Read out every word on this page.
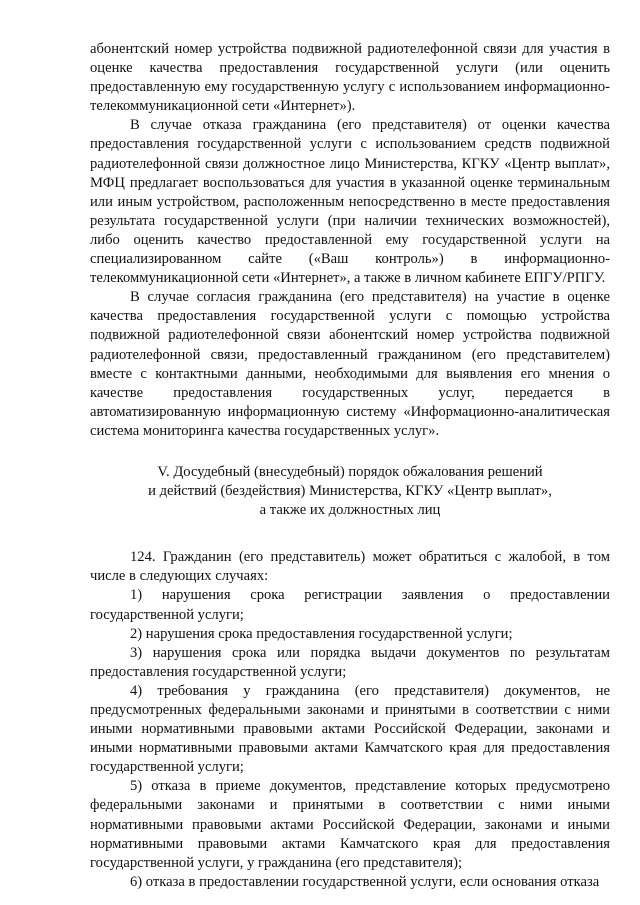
абонентский номер устройства подвижной радиотелефонной связи для участия в оценке качества предоставления государственной услуги (или оценить предоставленную ему государственную услугу с использованием информационно-телекоммуникационной сети «Интернет»).

В случае отказа гражданина (его представителя) от оценки качества предоставления государственной услуги с использованием средств подвижной радиотелефонной связи должностное лицо Министерства, КГКУ «Центр выплат», МФЦ предлагает воспользоваться для участия в указанной оценке терминальным или иным устройством, расположенным непосредственно в месте предоставления результата государственной услуги (при наличии технических возможностей), либо оценить качество предоставленной ему государственной услуги на специализированном сайте («Ваш контроль») в информационно-телекоммуникационной сети «Интернет», а также в личном кабинете ЕПГУ/РПГУ.

В случае согласия гражданина (его представителя) на участие в оценке качества предоставления государственной услуги с помощью устройства подвижной радиотелефонной связи абонентский номер устройства подвижной радиотелефонной связи, предоставленный гражданином (его представителем) вместе с контактными данными, необходимыми для выявления его мнения о качестве предоставления государственных услуг, передается в автоматизированную информационную систему «Информационно-аналитическая система мониторинга качества государственных услуг».

V. Досудебный (внесудебный) порядок обжалования решений

и действий (бездействия) Министерства, КГКУ «Центр выплат»,

а также их должностных лиц

124. Гражданин (его представитель) может обратиться с жалобой, в том числе в следующих случаях:

1) нарушения срока регистрации заявления о предоставлении государственной услуги;

2) нарушения срока предоставления государственной услуги;

3) нарушения срока или порядка выдачи документов по результатам предоставления государственной услуги;

4) требования у гражданина (его представителя) документов, не предусмотренных федеральными законами и принятыми в соответствии с ними иными нормативными правовыми актами Российской Федерации, законами и иными нормативными правовыми актами Камчатского края для предоставления государственной услуги;

5) отказа в приеме документов, представление которых предусмотрено федеральными законами и принятыми в соответствии с ними иными нормативными правовыми актами Российской Федерации, законами и иными нормативными правовыми актами Камчатского края для предоставления государственной услуги, у гражданина (его представителя);

6) отказа в предоставлении государственной услуги, если основания отказа
